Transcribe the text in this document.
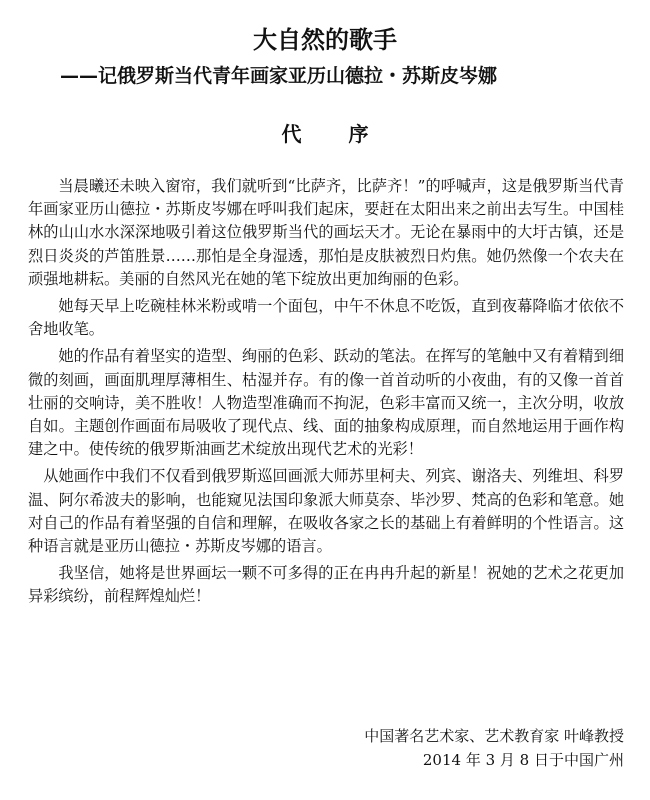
大自然的歌手
——记俄罗斯当代青年画家亚历山德拉・苏斯皮岑娜
代 序

当晨曦还未映入窗帘，我们就听到“比萨齐，比萨齐！”的呼喊声，这是俄罗斯当代青年画家亚历山德拉・苏斯皮岑娜在呼叫我们起床，要赶在太阳出来之前出去写生。中国桂林的山山水水深深地吸引着这位俄罗斯当代的画坛天才。无论在暴雨中的大圩古镇，还是烈日炎炎的芦笛胜景……那怕是全身湿透，那怕是皮肤被烈日灼焦。她仍然像一个农夫在顽强地耕耘。美丽的自然风光在她的笔下绽放出更加绚丽的色彩。

她每天早上吃碗桂林米粉或啃一个面包，中午不休息不吃饭，直到夜幕降临才依依不舍地收笔。

她的作品有着坚实的造型、绚丽的色彩、跃动的笔法。在挥写的笔触中又有着精到细微的刻画，画面肌理厚薄相生、枯湿并存。有的像一首首动听的小夜曲，有的又像一首首壮丽的交响诗，美不胜收！人物造型准确而不拘泥，色彩丰富而又统一，主次分明，收放自如。主题创作画面布局吸收了现代点、线、面的抽象构成原理，而自然地运用于画作构建之中。使传统的俄罗斯油画艺术绽放出现代艺术的光彩！

从她画作中我们不仅看到俄罗斯巡回画派大师苏里柯夫、列宾、谢洛夫、列维坦、科罗温、阿尔希波夫的影响，也能窥见法国印象派大师莫奈、毕沙罗、梵高的色彩和笔意。她对自己的作品有着坚强的自信和理解，在吸收各家之长的基础上有着鲜明的个性语言。这种语言就是亚历山德拉・苏斯皮岑娜的语言。

我坚信，她将是世界画坛一颗不可多得的正在冉冉升起的新星！祝她的艺术之花更加异彩缤纷，前程辉煌灿烂！

中国著名艺术家、艺术教育家 叶峰教授
2014 年 3 月 8 日于中国广州
